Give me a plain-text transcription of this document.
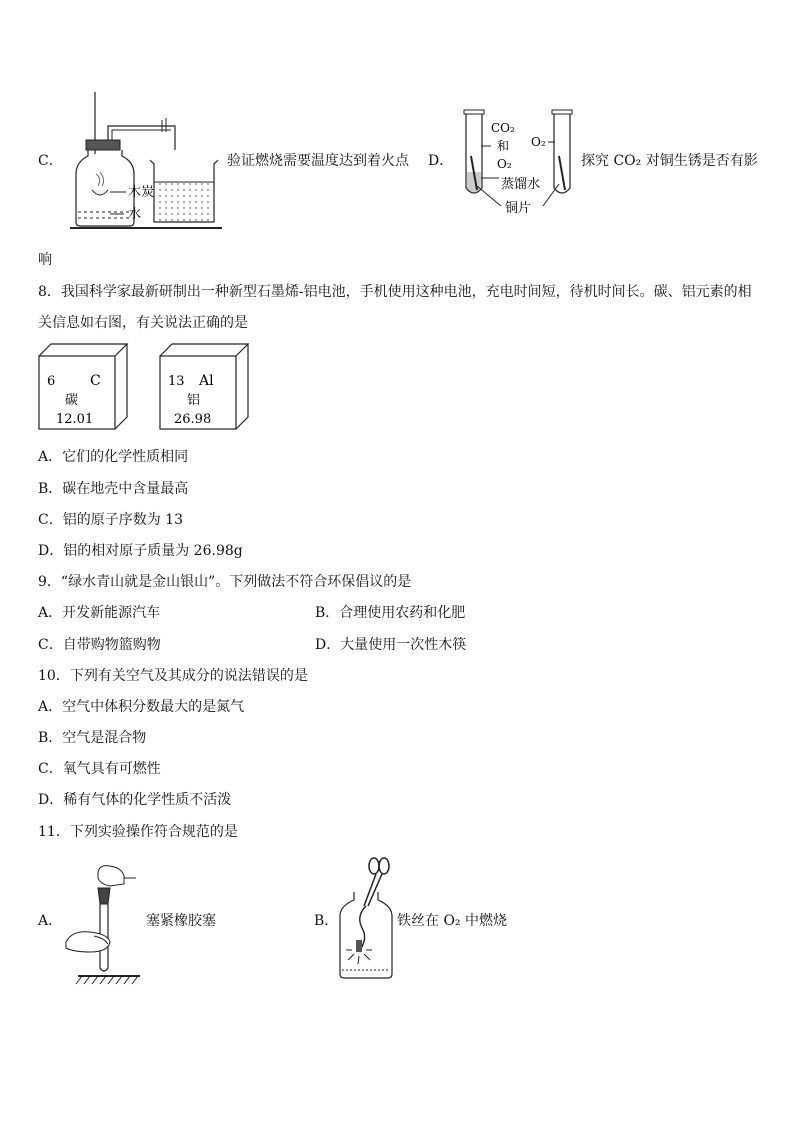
C．
木炭
水
验证燃烧需要温度达到着火点 D．
CO₂
和
O₂
O₂
蒸馏水
铜片
探究 CO₂ 对铜生锈是否有影
响
8．我国科学家最新研制出一种新型石墨烯-铝电池，手机使用这种电池，充电时间短，待机时间长。碳、铝元素的相
关信息如右图，有关说法正确的是
6 C
碳
12.01
13 Al
铝
26.98
A．它们的化学性质相同
B．碳在地壳中含量最高
C．铝的原子序数为 13
D．铝的相对原子质量为 26.98g
9．“绿水青山就是金山银山”。下列做法不符合环保倡议的是
A．开发新能源汽车	B．合理使用农药和化肥
C．自带购物篮购物	D．大量使用一次性木筷
10．下列有关空气及其成分的说法错误的是
A．空气中体积分数最大的是氮气
B．空气是混合物
C．氧气具有可燃性
D．稀有气体的化学性质不活泼
11．下列实验操作符合规范的是
A．	塞紧橡胶塞	B．	铁丝在 O₂ 中燃烧
